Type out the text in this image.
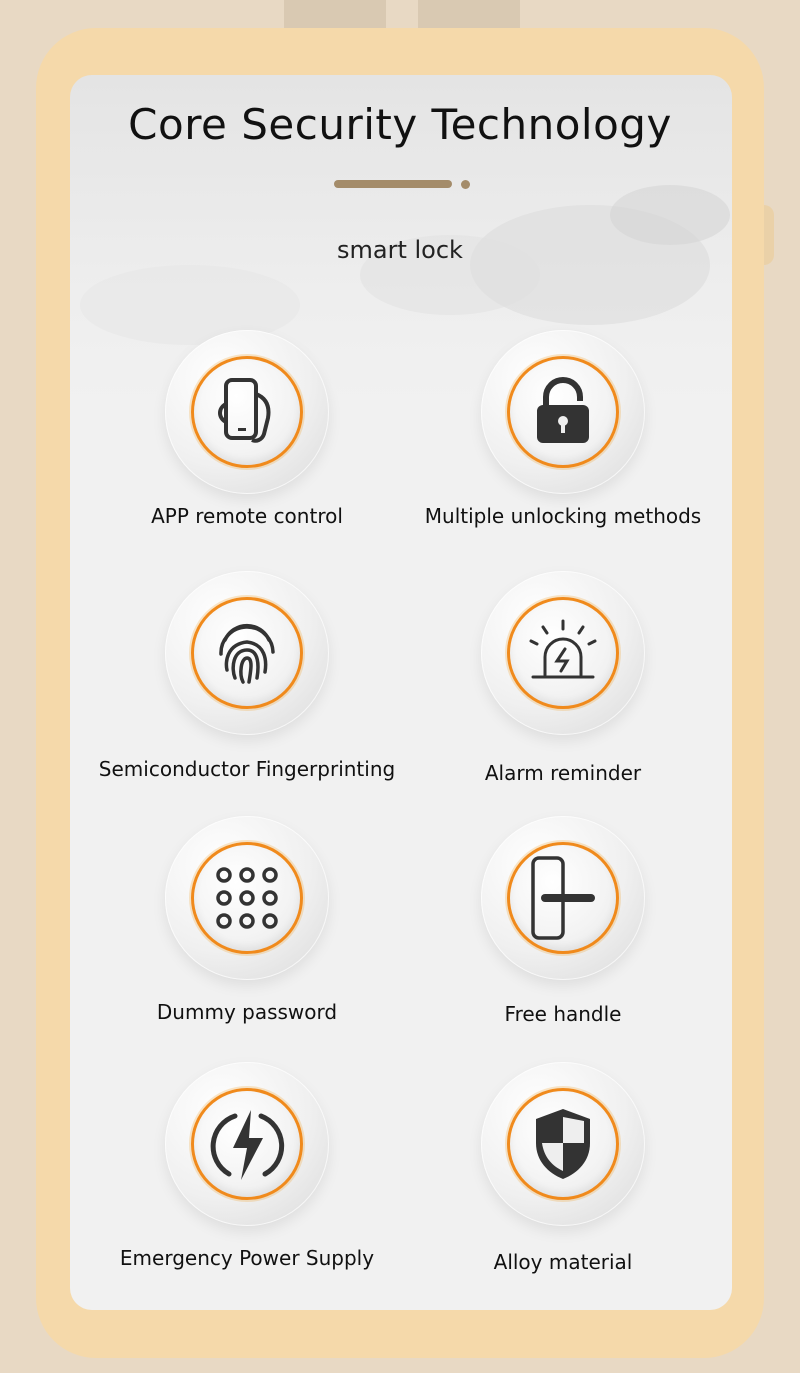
Core Security Technology
smart lock
APP remote control	Multiple unlocking methods
Semiconductor Fingerprinting	Alarm reminder
Dummy password	Free handle
Emergency Power Supply	Alloy material
